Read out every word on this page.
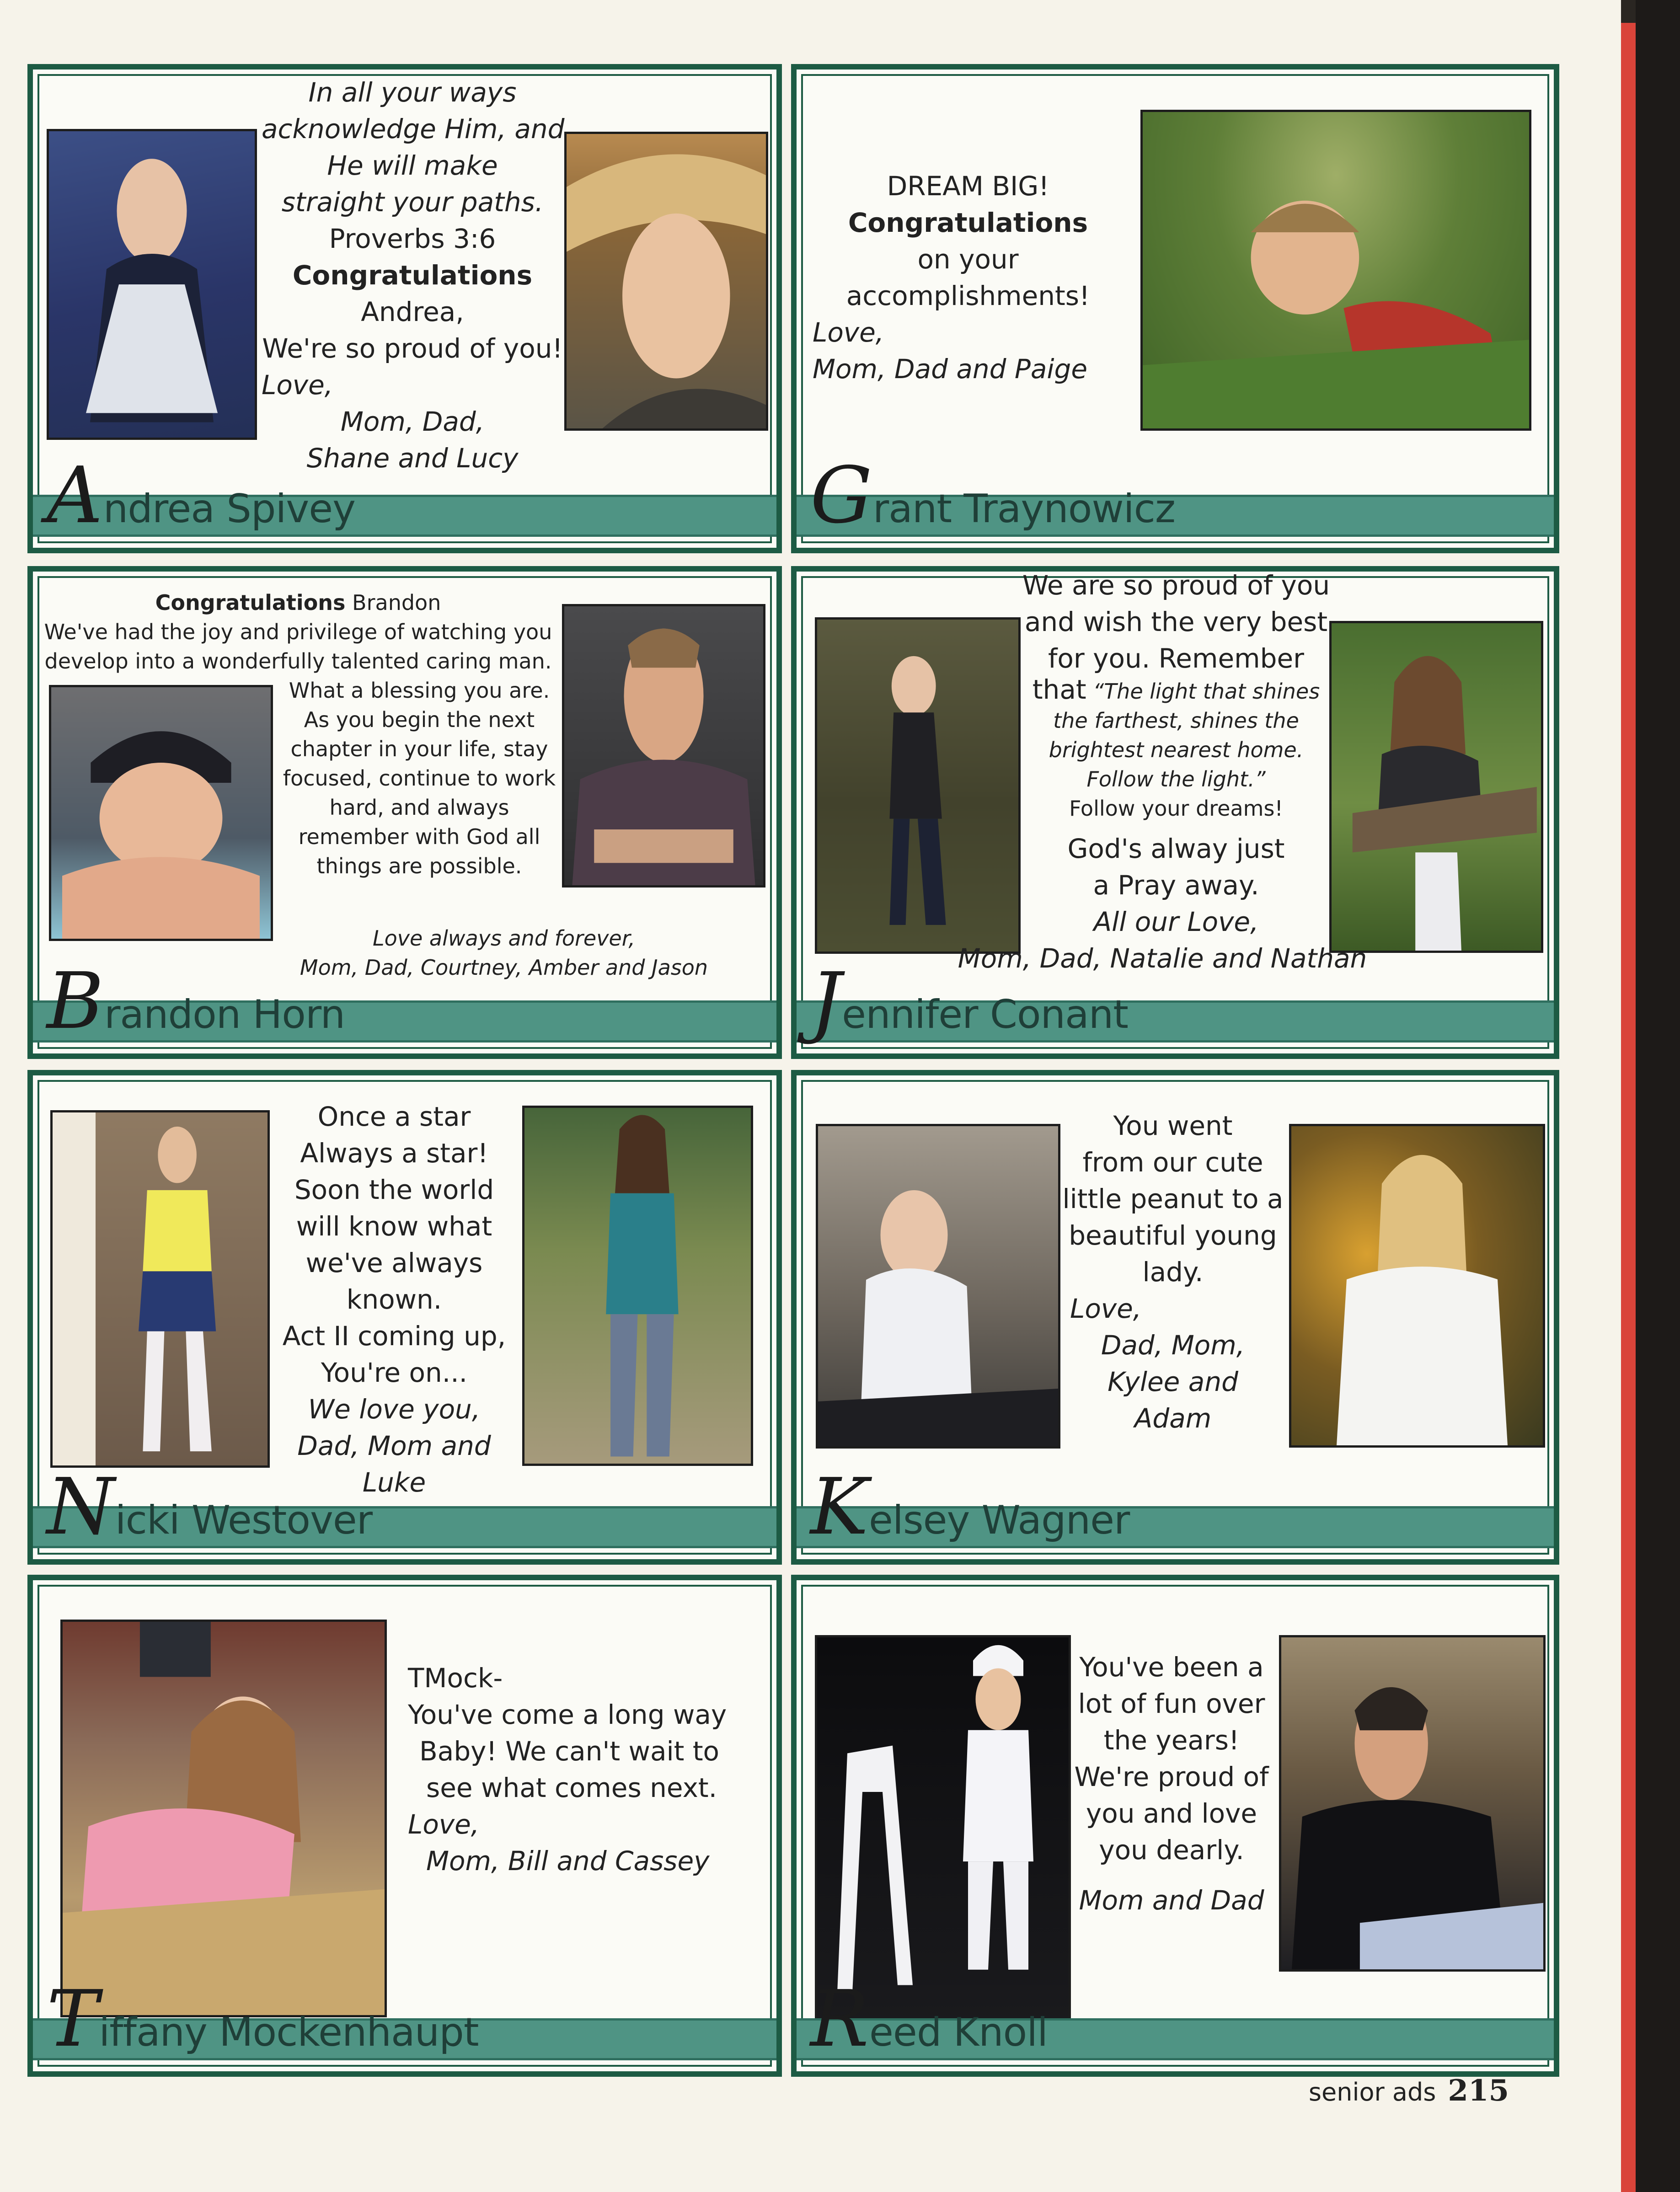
In all your ways
acknowledge Him, and
He will make
straight your paths.
Proverbs 3:6
Congratulations
Andrea,
We're so proud of you!
Love,
Mom, Dad,
Shane and Lucy
Andrea Spivey
DREAM BIG!
Congratulations
on your
accomplishments!
Love,
Mom, Dad and Paige
Grant Traynowicz
Congratulations Brandon
We've had the joy and privilege of watching you
develop into a wonderfully talented caring man.
What a blessing you are.
As you begin the next
chapter in your life, stay
focused, continue to work
hard, and always
remember with God all
things are possible.
Love always and forever,
Mom, Dad, Courtney, Amber and Jason
Brandon Horn
We are so proud of you
and wish the very best
for you. Remember
that “The light that shines
the farthest, shines the
brightest nearest home.
Follow the light.”
Follow your dreams!
God's alway just
a Pray away.
All our Love,
Mom, Dad, Natalie and Nathan
Jennifer Conant
Once a star
Always a star!
Soon the world
will know what
we've always
known.
Act II coming up,
You're on...
We love you,
Dad, Mom and
Luke
Nicki Westover
You went
from our cute
little peanut to a
beautiful young
lady.
Love,
Dad, Mom,
Kylee and
Adam
Kelsey Wagner
TMock-
You've come a long way
Baby! We can't wait to
see what comes next.
Love,
Mom, Bill and Cassey
Tiffany Mockenhaupt
You've been a
lot of fun over
the years!
We're proud of
you and love
you dearly.
Mom and Dad
Reed Knoll
senior ads 215
